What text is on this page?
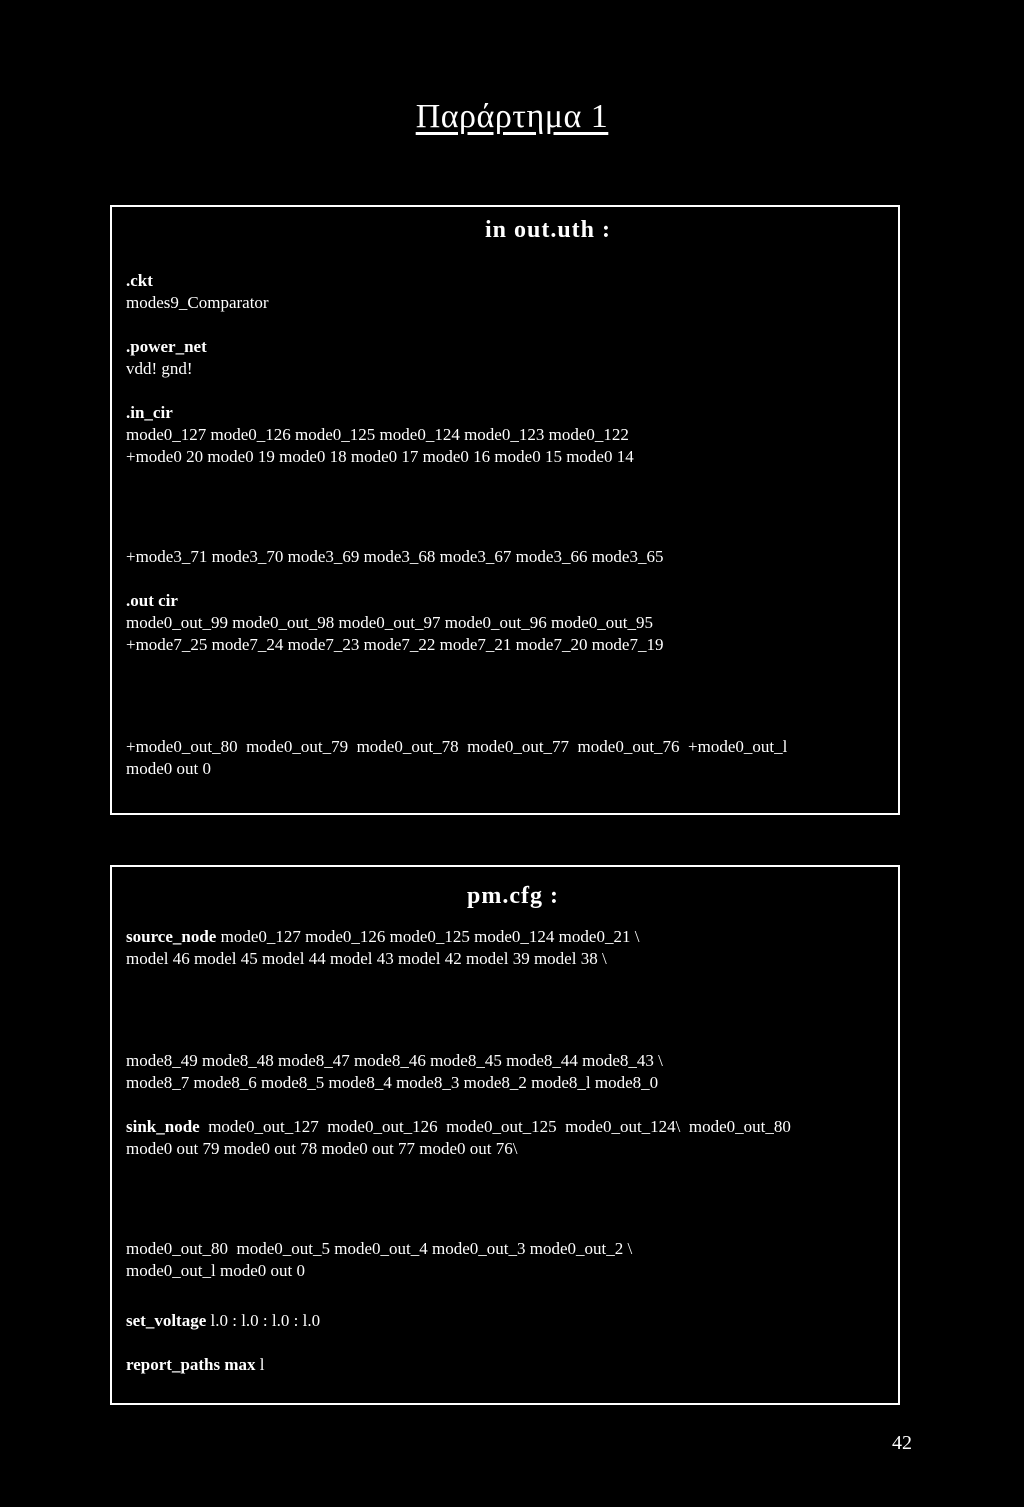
Παράρτημα 1
in out.uth :
.ckt
modes9_Comparator
.power_net
vdd! gnd!
.in_cir
mode0_127 mode0_126 mode0_125 mode0_124 mode0_123 mode0_122
+mode0 20 mode0 19 mode0 18 mode0 17 mode0 16 mode0 15 mode0 14
+mode3_71 mode3_70 mode3_69 mode3_68 mode3_67 mode3_66 mode3_65
.out cir
mode0_out_99 mode0_out_98 mode0_out_97 mode0_out_96 mode0_out_95
+mode7_25 mode7_24 mode7_23 mode7_22 mode7_21 mode7_20 mode7_19
+mode0_out_80  mode0_out_79  mode0_out_78  mode0_out_77  mode0_out_76  +mode0_out_l
mode0 out 0
pm.cfg :
source_node mode0_127 mode0_126 mode0_125 mode0_124 mode0_21 \
model 46 model 45 model 44 model 43 model 42 model 39 model 38 \
mode8_49 mode8_48 mode8_47 mode8_46 mode8_45 mode8_44 mode8_43 \
mode8_7 mode8_6 mode8_5 mode8_4 mode8_3 mode8_2 mode8_l mode8_0
sink_node  mode0_out_127  mode0_out_126  mode0_out_125  mode0_out_124\  mode0_out_80
mode0 out 79 mode0 out 78 mode0 out 77 mode0 out 76\
mode0_out_80  mode0_out_5 mode0_out_4 mode0_out_3 mode0_out_2 \
mode0_out_l mode0 out 0
set_voltage l.0 : l.0 : l.0 : l.0
report_paths max l
42
